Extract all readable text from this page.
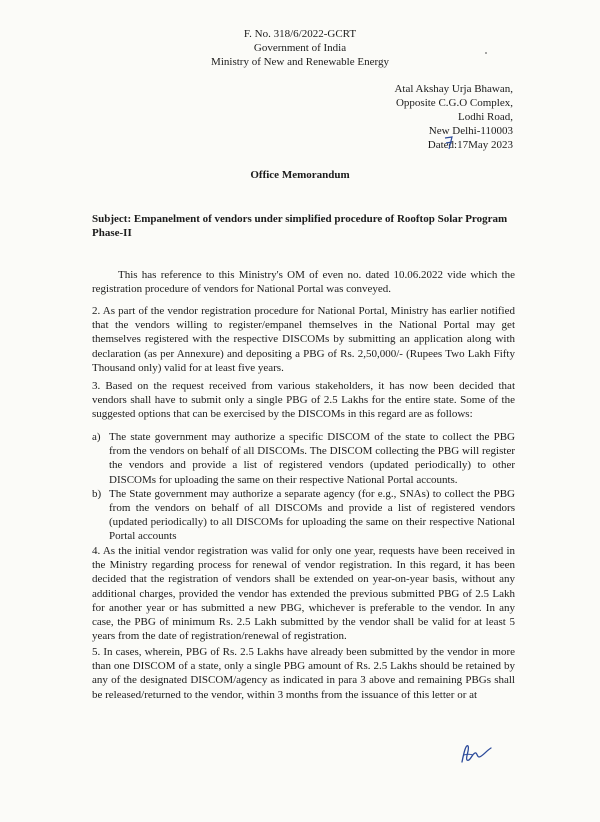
F. No. 318/6/2022-GCRT
Government of India
Ministry of New and Renewable Energy
Atal Akshay Urja Bhawan,
Opposite C.G.O Complex,
Lodhi Road,
New Delhi-110003
Dated:17May 2023
Office Memorandum
Subject: Empanelment of vendors under simplified procedure of Rooftop Solar Program Phase-II
This has reference to this Ministry's OM of even no. dated 10.06.2022 vide which the registration procedure of vendors for National Portal was conveyed.
2. As part of the vendor registration procedure for National Portal, Ministry has earlier notified that the vendors willing to register/empanel themselves in the National Portal may get themselves registered with the respective DISCOMs by submitting an application along with declaration (as per Annexure) and depositing a PBG of Rs. 2,50,000/- (Rupees Two Lakh Fifty Thousand only) valid for at least five years.
3. Based on the request received from various stakeholders, it has now been decided that vendors shall have to submit only a single PBG of 2.5 Lakhs for the entire state. Some of the suggested options that can be exercised by the DISCOMs in this regard are as follows:
a) The state government may authorize a specific DISCOM of the state to collect the PBG from the vendors on behalf of all DISCOMs. The DISCOM collecting the PBG will register the vendors and provide a list of registered vendors (updated periodically) to other DISCOMs for uploading the same on their respective National Portal accounts.
b) The State government may authorize a separate agency (for e.g., SNAs) to collect the PBG from the vendors on behalf of all DISCOMs and provide a list of registered vendors (updated periodically) to all DISCOMs for uploading the same on their respective National Portal accounts
4. As the initial vendor registration was valid for only one year, requests have been received in the Ministry regarding process for renewal of vendor registration. In this regard, it has been decided that the registration of vendors shall be extended on year-on-year basis, without any additional charges, provided the vendor has extended the previous submitted PBG of 2.5 Lakh for another year or has submitted a new PBG, whichever is preferable to the vendor. In any case, the PBG of minimum Rs. 2.5 Lakh submitted by the vendor shall be valid for at least 5 years from the date of registration/renewal of registration.
5. In cases, wherein, PBG of Rs. 2.5 Lakhs have already been submitted by the vendor in more than one DISCOM of a state, only a single PBG amount of Rs. 2.5 Lakhs should be retained by any of the designated DISCOM/agency as indicated in para 3 above and remaining PBGs shall be released/returned to the vendor, within 3 months from the issuance of this letter or at
